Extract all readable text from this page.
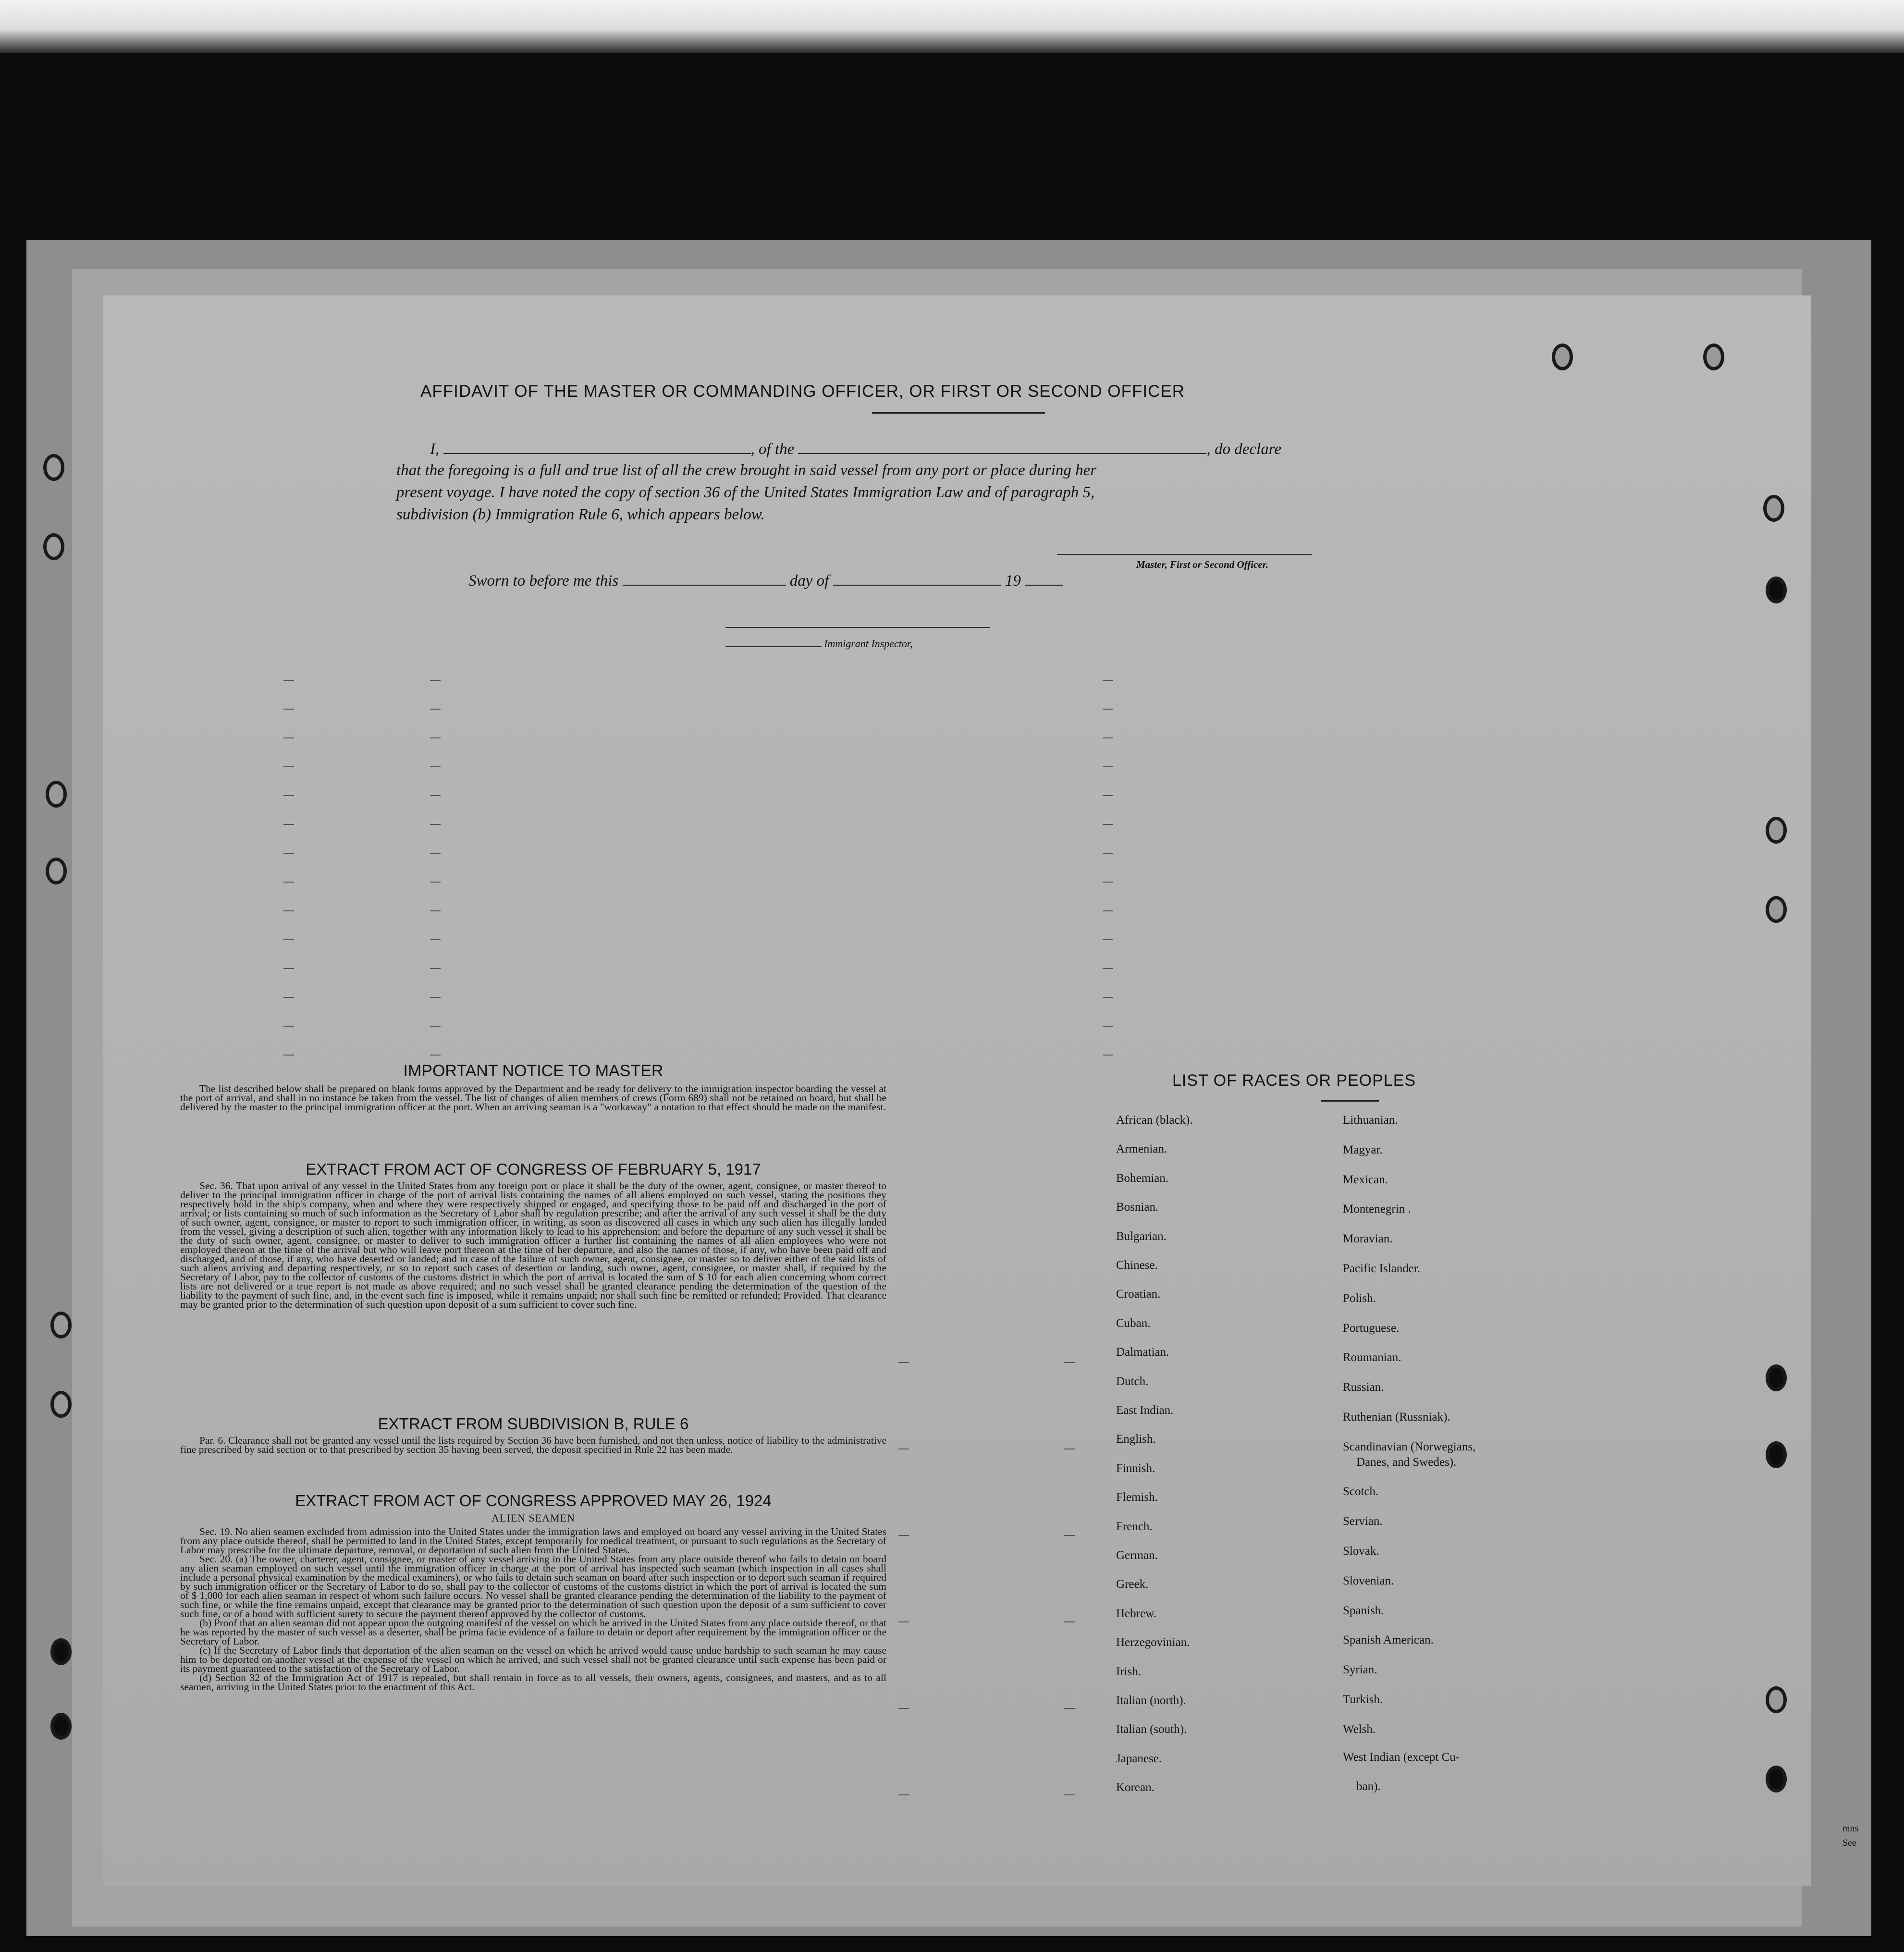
AFFIDAVIT OF THE MASTER OR COMMANDING OFFICER, OR FIRST OR SECOND OFFICER
I,	, of the	, do declare
that the foregoing is a full and true list of all the crew brought in said vessel from any port or place during her
present voyage. I have noted the copy of section 36 of the United States Immigration Law and of paragraph 5,
subdivision (b) Immigration Rule 6, which appears below.
Master, First or Second Officer.
Sworn to before me this	day of	19
Immigrant Inspector,
IMPORTANT NOTICE TO MASTER

The list described below shall be prepared on blank forms approved by the Department and be ready for delivery to the immigration inspector boarding the vessel at the port of arrival, and shall in no instance be taken from the vessel. The list of changes of alien members of crews (Form 689) shall not be retained on board, but shall be delivered by the master to the principal immigration officer at the port. When an arriving seaman is a "workaway" a notation to that effect should be made on the manifest.

EXTRACT FROM ACT OF CONGRESS OF FEBRUARY 5, 1917

Sec. 36. That upon arrival of any vessel in the United States from any foreign port or place it shall be the duty of the owner, agent, consignee, or master thereof to deliver to the principal immigration officer in charge of the port of arrival lists containing the names of all aliens employed on such vessel, stating the positions they respectively hold in the ship's company, when and where they were respectively shipped or engaged, and specifying those to be paid off and discharged in the port of arrival; or lists containing so much of such information as the Secretary of Labor shall by regulation prescribe; and after the arrival of any such vessel it shall be the duty of such owner, agent, consignee, or master to report to such immigration officer, in writing, as soon as discovered all cases in which any such alien has illegally landed from the vessel, giving a description of such alien, together with any information likely to lead to his apprehension; and before the departure of any such vessel it shall be the duty of such owner, agent, consignee, or master to deliver to such immigration officer a further list containing the names of all alien employees who were not employed thereon at the time of the arrival but who will leave port thereon at the time of her departure, and also the names of those, if any, who have been paid off and discharged, and of those, if any, who have deserted or landed; and in case of the failure of such owner, agent, consignee, or master so to deliver either of the said lists of such aliens arriving and departing respectively, or so to report such cases of desertion or landing, such owner, agent, consignee, or master shall, if required by the Secretary of Labor, pay to the collector of customs of the customs district in which the port of arrival is located the sum of $ 10 for each alien concerning whom correct lists are not delivered or a true report is not made as above required; and no such vessel shall be granted clearance pending the determination of the question of the liability to the payment of such fine, and, in the event such fine is imposed, while it remains unpaid; nor shall such fine be remitted or refunded; Provided. That clearance may be granted prior to the determination of such question upon deposit of a sum sufficient to cover such fine.

EXTRACT FROM SUBDIVISION B, RULE 6

Par. 6. Clearance shall not be granted any vessel until the lists required by Section 36 have been furnished, and not then unless, notice of liability to the administrative fine prescribed by said section or to that prescribed by section 35 having been served, the deposit specified in Rule 22 has been made.

EXTRACT FROM ACT OF CONGRESS APPROVED MAY 26, 1924
ALIEN SEAMEN

Sec. 19. No alien seamen excluded from admission into the United States under the immigration laws and employed on board any vessel arriving in the United States from any place outside thereof, shall be permitted to land in the United States, except temporarily for medical treatment, or pursuant to such regulations as the Secretary of Labor may prescribe for the ultimate departure, removal, or deportation of such alien from the United States.

Sec. 20. (a) The owner, charterer, agent, consignee, or master of any vessel arriving in the United States from any place outside thereof who fails to detain on board any alien seaman employed on such vessel until the immigration officer in charge at the port of arrival has inspected such seaman (which inspection in all cases shall include a personal physical examination by the medical examiners), or who fails to detain such seaman on board after such inspection or to deport such seaman if required by such immigration officer or the Secretary of Labor to do so, shall pay to the collector of customs of the customs district in which the port of arrival is located the sum of $ 1,000 for each alien seaman in respect of whom such failure occurs. No vessel shall be granted clearance pending the determination of the liability to the payment of such fine, or while the fine remains unpaid, except that clearance may be granted prior to the determination of such question upon the deposit of a sum sufficient to cover such fine, or of a bond with sufficient surety to secure the payment thereof approved by the collector of customs.

(b) Proof that an alien seaman did not appear upon the outgoing manifest of the vessel on which he arrived in the United States from any place outside thereof, or that he was reported by the master of such vessel as a deserter, shall be prima facie evidence of a failure to detain or deport after requirement by the immigration officer or the Secretary of Labor.

(c) If the Secretary of Labor finds that deportation of the alien seaman on the vessel on which he arrived would cause undue hardship to such seaman he may cause him to be deported on another vessel at the expense of the vessel on which he arrived, and such vessel shall not be granted clearance until such expense has been paid or its payment guaranteed to the satisfaction of the Secretary of Labor.

(d) Section 32 of the Immigration Act of 1917 is repealed, but shall remain in force as to all vessels, their owners, agents, consignees, and masters, and as to all seamen, arriving in the United States prior to the enactment of this Act.

LIST OF RACES OR PEOPLES
mns
See
African (black).
Armenian.
Bohemian.
Bosnian.
Bulgarian.
Chinese.
Croatian.
Cuban.
Dalmatian.
Dutch.
East Indian.
English.
Finnish.
Flemish.
French.
German.
Greek.
Hebrew.
Herzegovinian.
Irish.
Italian (north).
Italian (south).
Japanese.
Korean.
Lithuanian.
Magyar.
Mexican.
Montenegrin .
Moravian.
Pacific Islander.
Polish.
Portuguese.
Roumanian.
Russian.
Ruthenian (Russniak).
Scandinavian (Norwegians,
Danes, and Swedes).
Scotch.
Servian.
Slovak.
Slovenian.
Spanish.
Spanish American.
Syrian.
Turkish.
Welsh.
West Indian (except Cu-
ban).
